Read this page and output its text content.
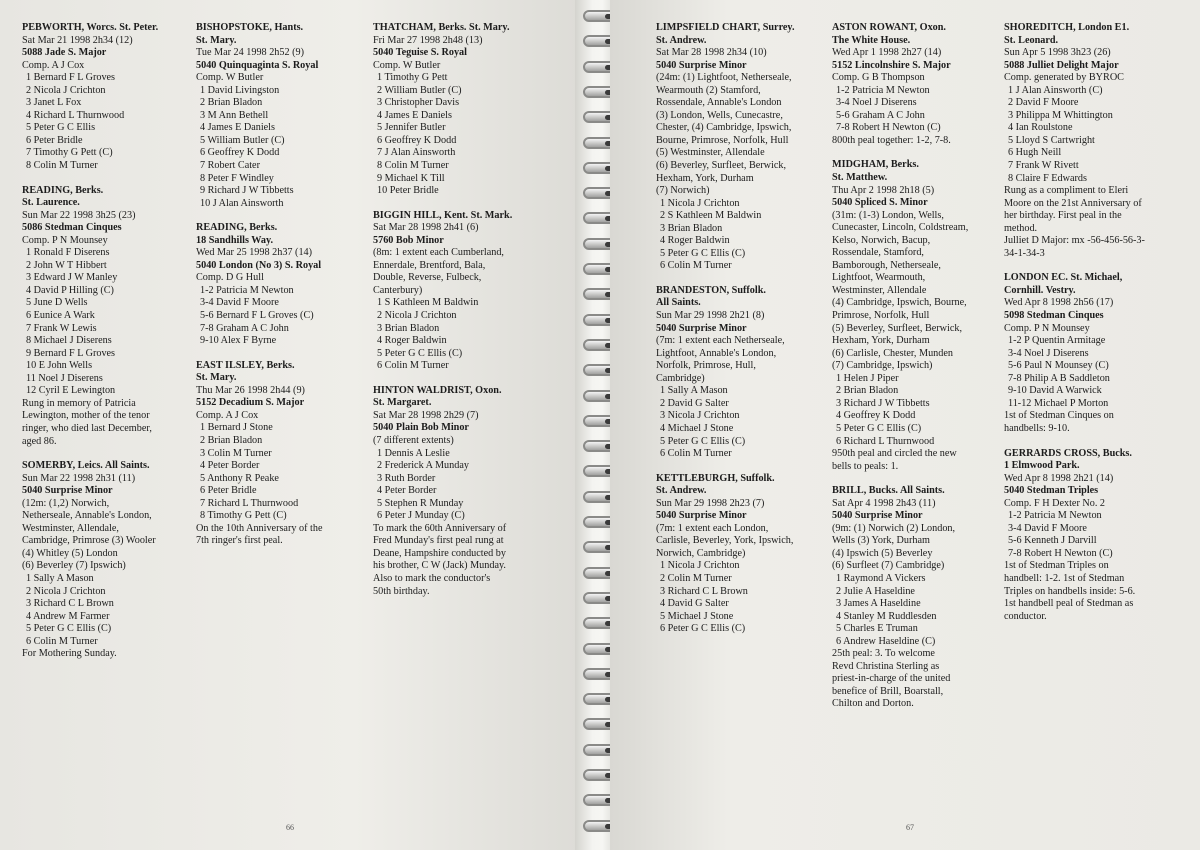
PEBWORTH, Worcs. St. Peter.
Sat Mar 21 1998 2h34 (12)
5088 Jade S. Major
Comp. A J Cox
1 Bernard F L Groves
2 Nicola J Crichton
3 Janet L Fox
4 Richard L Thurnwood
5 Peter G C Ellis
6 Peter Bridle
7 Timothy G Pett (C)
8 Colin M Turner
READING, Berks.
St. Laurence.
Sun Mar 22 1998 3h25 (23)
5086 Stedman Cinques
Comp. P N Mounsey
1 Ronald F Diserens
2 John W T Hibbert
3 Edward J W Manley
4 David P Hilling (C)
5 June D Wells
6 Eunice A Wark
7 Frank W Lewis
8 Michael J Diserens
9 Bernard F L Groves
10 E John Wells
11 Noel J Diserens
12 Cyril E Lewington
Rung in memory of Patricia
Lewington, mother of the tenor
ringer, who died last December,
aged 86.
SOMERBY, Leics. All Saints.
Sun Mar 22 1998 2h31 (11)
5040 Surprise Minor
(12m: (1,2) Norwich,
Netherseale, Annable's London,
Westminster, Allendale,
Cambridge, Primrose (3) Wooler
(4) Whitley (5) London
(6) Beverley (7) Ipswich)
1 Sally A Mason
2 Nicola J Crichton
3 Richard C L Brown
4 Andrew M Farmer
5 Peter G C Ellis (C)
6 Colin M Turner
For Mothering Sunday.
BISHOPSTOKE, Hants.
St. Mary.
Tue Mar 24 1998 2h52 (9)
5040 Quinquaginta S. Royal
Comp. W Butler
1 David Livingston
2 Brian Bladon
3 M Ann Bethell
4 James E Daniels
5 William Butler (C)
6 Geoffrey K Dodd
7 Robert Cater
8 Peter F Windley
9 Richard J W Tibbetts
10 J Alan Ainsworth
READING, Berks.
18 Sandhills Way.
Wed Mar 25 1998 2h37 (14)
5040 London (No 3) S. Royal
Comp. D G Hull
1-2 Patricia M Newton
3-4 David F Moore
5-6 Bernard F L Groves (C)
7-8 Graham A C John
9-10 Alex F Byrne
EAST ILSLEY, Berks.
St. Mary.
Thu Mar 26 1998 2h44 (9)
5152 Decadium S. Major
Comp. A J Cox
1 Bernard J Stone
2 Brian Bladon
3 Colin M Turner
4 Peter Border
5 Anthony R Peake
6 Peter Bridle
7 Richard L Thurnwood
8 Timothy G Pett (C)
On the 10th Anniversary of the
7th ringer's first peal.
THATCHAM, Berks. St. Mary.
Fri Mar 27 1998 2h48 (13)
5040 Teguise S. Royal
Comp. W Butler
1 Timothy G Pett
2 William Butler (C)
3 Christopher Davis
4 James E Daniels
5 Jennifer Butler
6 Geoffrey K Dodd
7 J Alan Ainsworth
8 Colin M Turner
9 Michael K Till
10 Peter Bridle
BIGGIN HILL, Kent. St. Mark.
Sat Mar 28 1998 2h41 (6)
5760 Bob Minor
(8m: 1 extent each Cumberland,
Ennerdale, Brentford, Bala,
Double, Reverse, Fulbeck,
Canterbury)
1 S Kathleen M Baldwin
2 Nicola J Crichton
3 Brian Bladon
4 Roger Baldwin
5 Peter G C Ellis (C)
6 Colin M Turner
HINTON WALDRIST, Oxon.
St. Margaret.
Sat Mar 28 1998 2h29 (7)
5040 Plain Bob Minor
(7 different extents)
1 Dennis A Leslie
2 Frederick A Munday
3 Ruth Border
4 Peter Border
5 Stephen R Munday
6 Peter J Munday (C)
To mark the 60th Anniversary of
Fred Munday's first peal rung at
Deane, Hampshire conducted by
his brother, C W (Jack) Munday.
Also to mark the conductor's
50th birthday.
66
LIMPSFIELD CHART, Surrey.
St. Andrew.
Sat Mar 28 1998 2h34 (10)
5040 Surprise Minor
(24m: (1) Lightfoot, Netherseale,
Wearmouth (2) Stamford,
Rossendale, Annable's London
(3) London, Wells, Cunecastre,
Chester, (4) Cambridge, Ipswich,
Bourne, Primrose, Norfolk, Hull
(5) Westminster, Allendale
(6) Beverley, Surfleet, Berwick,
Hexham, York, Durham
(7) Norwich)
1 Nicola J Crichton
2 S Kathleen M Baldwin
3 Brian Bladon
4 Roger Baldwin
5 Peter G C Ellis (C)
6 Colin M Turner
BRANDESTON, Suffolk.
All Saints.
Sun Mar 29 1998 2h21 (8)
5040 Surprise Minor
(7m: 1 extent each Netherseale,
Lightfoot, Annable's London,
Norfolk, Primrose, Hull,
Cambridge)
1 Sally A Mason
2 David G Salter
3 Nicola J Crichton
4 Michael J Stone
5 Peter G C Ellis (C)
6 Colin M Turner
KETTLEBURGH, Suffolk.
St. Andrew.
Sun Mar 29 1998 2h23 (7)
5040 Surprise Minor
(7m: 1 extent each London,
Carlisle, Beverley, York, Ipswich,
Norwich, Cambridge)
1 Nicola J Crichton
2 Colin M Turner
3 Richard C L Brown
4 David G Salter
5 Michael J Stone
6 Peter G C Ellis (C)
ASTON ROWANT, Oxon.
The White House.
Wed Apr 1 1998 2h27 (14)
5152 Lincolnshire S. Major
Comp. G B Thompson
1-2 Patricia M Newton
3-4 Noel J Diserens
5-6 Graham A C John
7-8 Robert H Newton (C)
800th peal together: 1-2, 7-8.
MIDGHAM, Berks.
St. Matthew.
Thu Apr 2 1998 2h18 (5)
5040 Spliced S. Minor
(31m: (1-3) London, Wells,
Cunecaster, Lincoln, Coldstream,
Kelso, Norwich, Bacup,
Rossendale, Stamford,
Bamborough, Netherseale,
Lightfoot, Wearmouth,
Westminster, Allendale
(4) Cambridge, Ipswich, Bourne,
Primrose, Norfolk, Hull
(5) Beverley, Surfleet, Berwick,
Hexham, York, Durham
(6) Carlisle, Chester, Munden
(7) Cambridge, Ipswich)
1 Helen J Piper
2 Brian Bladon
3 Richard J W Tibbetts
4 Geoffrey K Dodd
5 Peter G C Ellis (C)
6 Richard L Thurnwood
950th peal and circled the new
bells to peals: 1.
BRILL, Bucks. All Saints.
Sat Apr 4 1998 2h43 (11)
5040 Surprise Minor
(9m: (1) Norwich (2) London,
Wells (3) York, Durham
(4) Ipswich (5) Beverley
(6) Surfleet (7) Cambridge)
1 Raymond A Vickers
2 Julie A Haseldine
3 James A Haseldine
4 Stanley M Ruddlesden
5 Charles E Truman
6 Andrew Haseldine (C)
25th peal: 3. To welcome
Revd Christina Sterling as
priest-in-charge of the united
benefice of Brill, Boarstall,
Chilton and Dorton.
SHOREDITCH, London E1.
St. Leonard.
Sun Apr 5 1998 3h23 (26)
5088 Julliet Delight Major
Comp. generated by BYROC
1 J Alan Ainsworth (C)
2 David F Moore
3 Philippa M Whittington
4 Ian Roulstone
5 Lloyd S Cartwright
6 Hugh Neill
7 Frank W Rivett
8 Claire F Edwards
Rung as a compliment to Eleri
Moore on the 21st Anniversary of
her birthday. First peal in the
method.
Julliet D Major: mx -56-456-56-3-
34-1-34-3
LONDON EC. St. Michael,
Cornhill. Vestry.
Wed Apr 8 1998 2h56 (17)
5098 Stedman Cinques
Comp. P N Mounsey
1-2 P Quentin Armitage
3-4 Noel J Diserens
5-6 Paul N Mounsey (C)
7-8 Philip A B Saddleton
9-10 David A Warwick
11-12 Michael P Morton
1st of Stedman Cinques on
handbells: 9-10.
GERRARDS CROSS, Bucks.
1 Elmwood Park.
Wed Apr 8 1998 2h21 (14)
5040 Stedman Triples
Comp. F H Dexter No. 2
1-2 Patricia M Newton
3-4 David F Moore
5-6 Kenneth J Darvill
7-8 Robert H Newton (C)
1st of Stedman Triples on
handbell: 1-2. 1st of Stedman
Triples on handbells inside: 5-6.
1st handbell peal of Stedman as
conductor.
67
